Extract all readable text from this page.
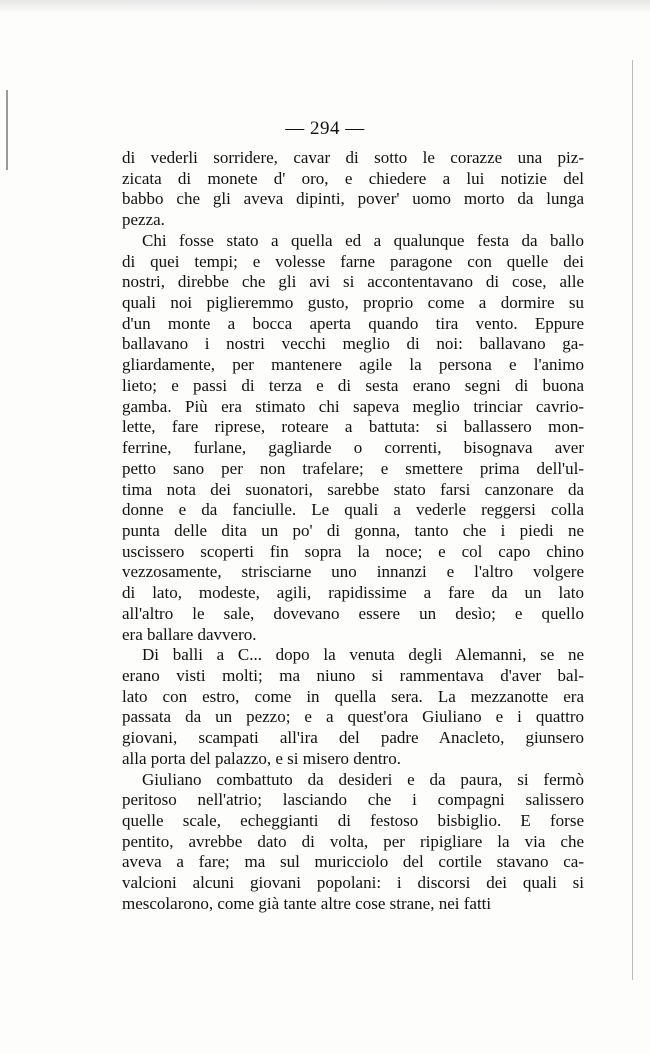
— 294 —
di vederli sorridere, cavar di sotto le corazze una piz-
zicata di monete d' oro, e chiedere a lui notizie del
babbo che gli aveva dipinti, pover' uomo morto da lunga
pezza.
Chi fosse stato a quella ed a qualunque festa da ballo
di quei tempi; e volesse farne paragone con quelle dei
nostri, direbbe che gli avi si accontentavano di cose, alle
quali noi piglieremmo gusto, proprio come a dormire su
d'un monte a bocca aperta quando tira vento. Eppure
ballavano i nostri vecchi meglio di noi: ballavano ga-
gliardamente, per mantenere agile la persona e l'animo
lieto; e passi di terza e di sesta erano segni di buona
gamba. Più era stimato chi sapeva meglio trinciar cavrio-
lette, fare riprese, roteare a battuta: si ballassero mon-
ferrine, furlane, gagliarde o correnti, bisognava aver
petto sano per non trafelare; e smettere prima dell'ul-
tima nota dei suonatori, sarebbe stato farsi canzonare da
donne e da fanciulle. Le quali a vederle reggersi colla
punta delle dita un po' di gonna, tanto che i piedi ne
uscissero scoperti fin sopra la noce; e col capo chino
vezzosamente, strisciarne uno innanzi e l'altro volgere
di lato, modeste, agili, rapidissime a fare da un lato
all'altro le sale, dovevano essere un desìo; e quello
era ballare davvero.
Di balli a C... dopo la venuta degli Alemanni, se ne
erano visti molti; ma niuno si rammentava d'aver bal-
lato con estro, come in quella sera. La mezzanotte era
passata da un pezzo; e a quest'ora Giuliano e i quattro
giovani, scampati all'ira del padre Anacleto, giunsero
alla porta del palazzo, e si misero dentro.
Giuliano combattuto da desideri e da paura, si fermò
peritoso nell'atrio; lasciando che i compagni salissero
quelle scale, echeggianti di festoso bisbiglio. E forse
pentito, avrebbe dato di volta, per ripigliare la via che
aveva a fare; ma sul muricciolo del cortile stavano ca-
valcioni alcuni giovani popolani: i discorsi dei quali si
mescolarono, come già tante altre cose strane, nei fatti
